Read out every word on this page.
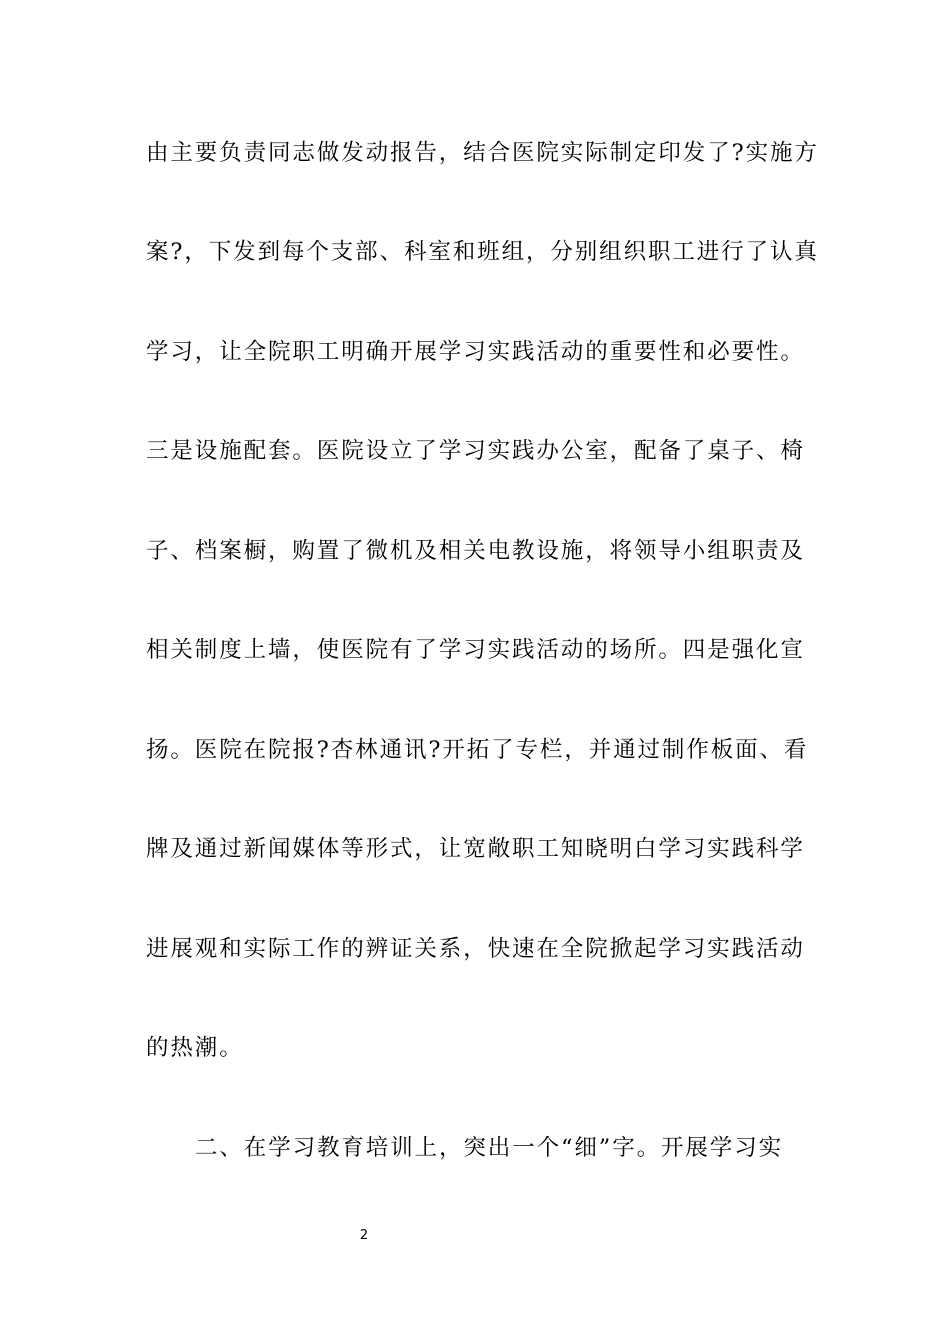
由主要负责同志做发动报告，结合医院实际制定印发了?实施方
案?，下发到每个支部、科室和班组，分别组织职工进行了认真
学习，让全院职工明确开展学习实践活动的重要性和必要性。
三是设施配套。医院设立了学习实践办公室，配备了桌子、椅
子、档案橱，购置了微机及相关电教设施，将领导小组职责及
相关制度上墙，使医院有了学习实践活动的场所。四是强化宣
扬。医院在院报?杏林通讯?开拓了专栏，并通过制作板面、看
牌及通过新闻媒体等形式，让宽敞职工知晓明白学习实践科学
进展观和实际工作的辨证关系，快速在全院掀起学习实践活动
的热潮。
二、在学习教育培训上，突出一个“细”字。开展学习实
2
